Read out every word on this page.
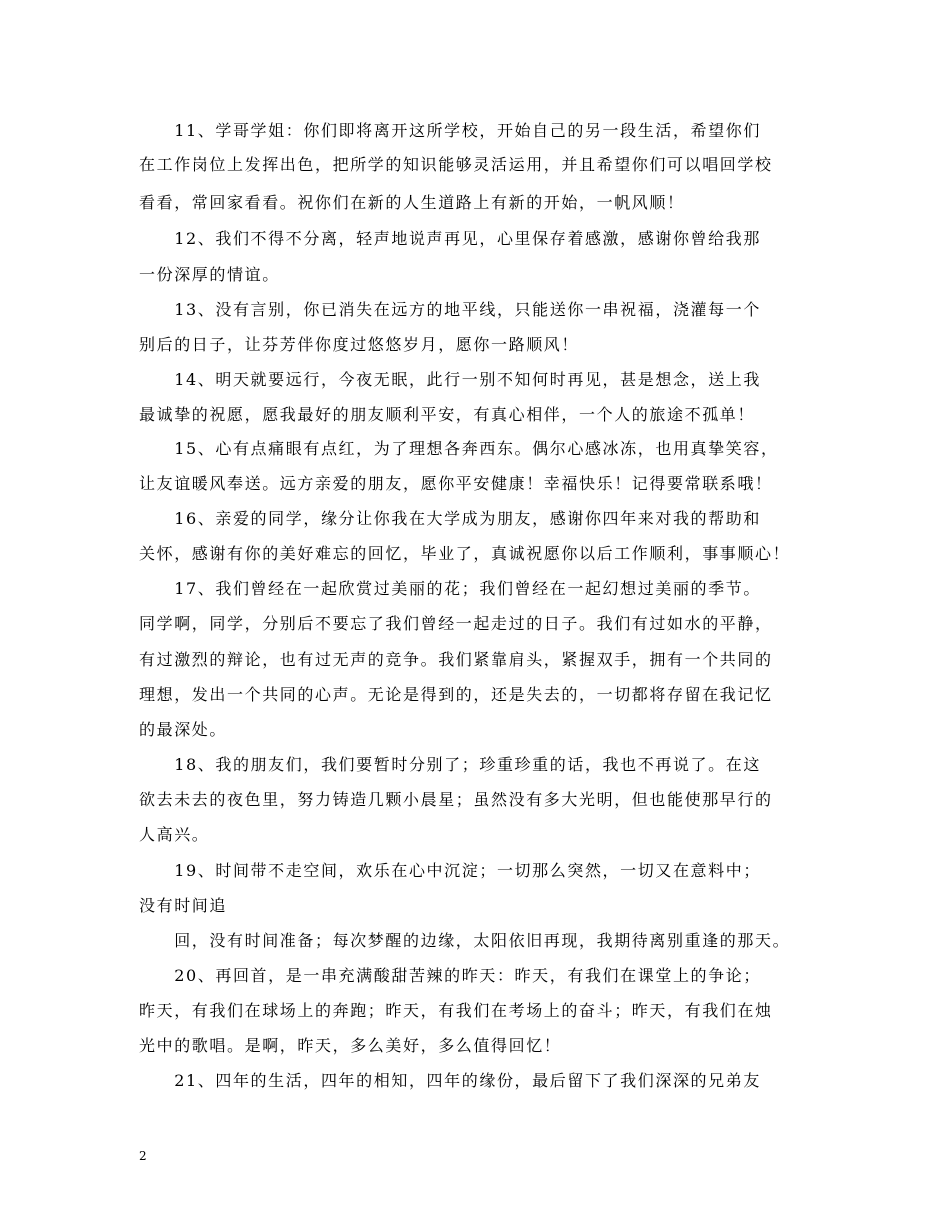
　　11、学哥学姐：你们即将离开这所学校，开始自己的另一段生活，希望你们
在工作岗位上发挥出色，把所学的知识能够灵活运用，并且希望你们可以唱回学校
看看，常回家看看。祝你们在新的人生道路上有新的开始，一帆风顺！
　　12、我们不得不分离，轻声地说声再见，心里保存着感激，感谢你曾给我那
一份深厚的情谊。
　　13、没有言别，你已消失在远方的地平线，只能送你一串祝福，浇灌每一个
别后的日子，让芬芳伴你度过悠悠岁月，愿你一路顺风！
　　14、明天就要远行，今夜无眠，此行一别不知何时再见，甚是想念，送上我
最诚挚的祝愿，愿我最好的朋友顺利平安，有真心相伴，一个人的旅途不孤单！
　　15、心有点痛眼有点红，为了理想各奔西东。偶尔心感冰冻，也用真挚笑容，
让友谊暖风奉送。远方亲爱的朋友，愿你平安健康！幸福快乐！记得要常联系哦！
　　16、亲爱的同学，缘分让你我在大学成为朋友，感谢你四年来对我的帮助和
关怀，感谢有你的美好难忘的回忆，毕业了，真诚祝愿你以后工作顺利，事事顺心！
　　17、我们曾经在一起欣赏过美丽的花；我们曾经在一起幻想过美丽的季节。
同学啊，同学，分别后不要忘了我们曾经一起走过的日子。我们有过如水的平静，
有过激烈的辩论，也有过无声的竞争。我们紧靠肩头，紧握双手，拥有一个共同的
理想，发出一个共同的心声。无论是得到的，还是失去的，一切都将存留在我记忆
的最深处。
　　18、我的朋友们，我们要暂时分别了；珍重珍重的话，我也不再说了。在这
欲去未去的夜色里，努力铸造几颗小晨星；虽然没有多大光明，但也能使那早行的
人高兴。
　　19、时间带不走空间，欢乐在心中沉淀；一切那么突然，一切又在意料中；
没有时间追
　　回，没有时间准备；每次梦醒的边缘，太阳依旧再现，我期待离别重逢的那天。
　　20、再回首，是一串充满酸甜苦辣的昨天：昨天，有我们在课堂上的争论；
昨天，有我们在球场上的奔跑；昨天，有我们在考场上的奋斗；昨天，有我们在烛
光中的歌唱。是啊，昨天，多么美好，多么值得回忆！
　　21、四年的生活，四年的相知，四年的缘份，最后留下了我们深深的兄弟友
2
